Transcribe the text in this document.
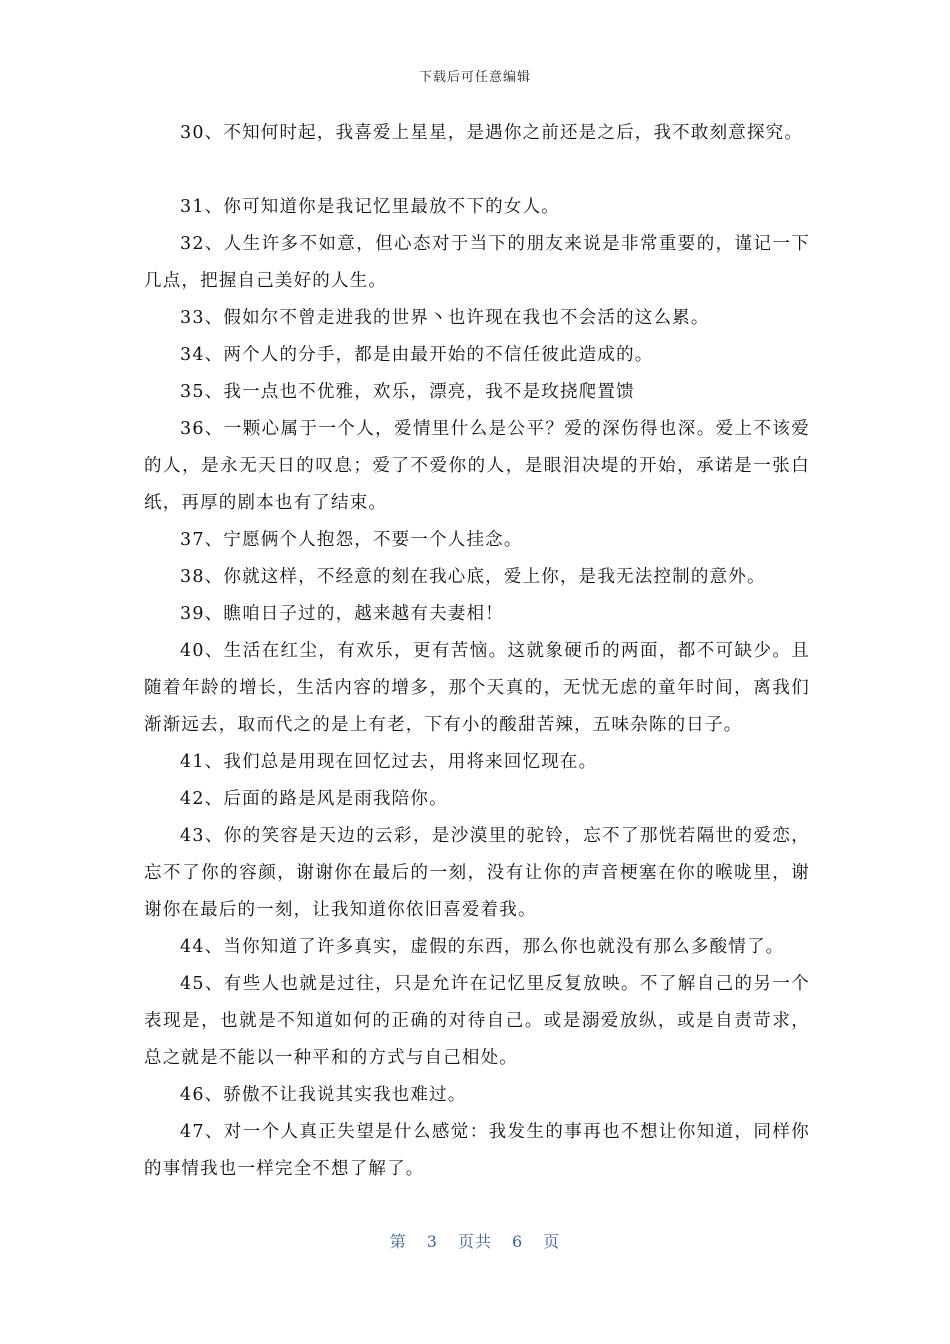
下载后可任意编辑

30、不知何时起，我喜爱上星星，是遇你之前还是之后，我不敢刻意探究。

31、你可知道你是我记忆里最放不下的女人。

32、人生许多不如意，但心态对于当下的朋友来说是非常重要的，谨记一下几点，把握自己美好的人生。

33、假如尔不曾走进我的世界丶也许现在我也不会活的这么累。

34、两个人的分手，都是由最开始的不信任彼此造成的。

35、我一点也不优雅，欢乐，漂亮，我不是玫挠爬置馈

36、一颗心属于一个人，爱情里什么是公平？爱的深伤得也深。爱上不该爱的人，是永无天日的叹息；爱了不爱你的人，是眼泪决堤的开始，承诺是一张白纸，再厚的剧本也有了结束。

37、宁愿俩个人抱怨，不要一个人挂念。

38、你就这样，不经意的刻在我心底，爱上你，是我无法控制的意外。

39、瞧咱日子过的，越来越有夫妻相！

40、生活在红尘，有欢乐，更有苦恼。这就象硬币的两面，都不可缺少。且随着年龄的增长，生活内容的增多，那个天真的，无忧无虑的童年时间，离我们渐渐远去，取而代之的是上有老，下有小的酸甜苦辣，五味杂陈的日子。

41、我们总是用现在回忆过去，用将来回忆现在。

42、后面的路是风是雨我陪你。

43、你的笑容是天边的云彩，是沙漠里的驼铃，忘不了那恍若隔世的爱恋，忘不了你的容颜，谢谢你在最后的一刻，没有让你的声音梗塞在你的喉咙里，谢谢你在最后的一刻，让我知道你依旧喜爱着我。

44、当你知道了许多真实，虚假的东西，那么你也就没有那么多酸情了。

45、有些人也就是过往，只是允许在记忆里反复放映。不了解自己的另一个表现是，也就是不知道如何的正确的对待自己。或是溺爱放纵，或是自责苛求，总之就是不能以一种平和的方式与自己相处。

46、骄傲不让我说其实我也难过。

47、对一个人真正失望是什么感觉：我发生的事再也不想让你知道，同样你的事情我也一样完全不想了解了。

第 3 页共 6 页
